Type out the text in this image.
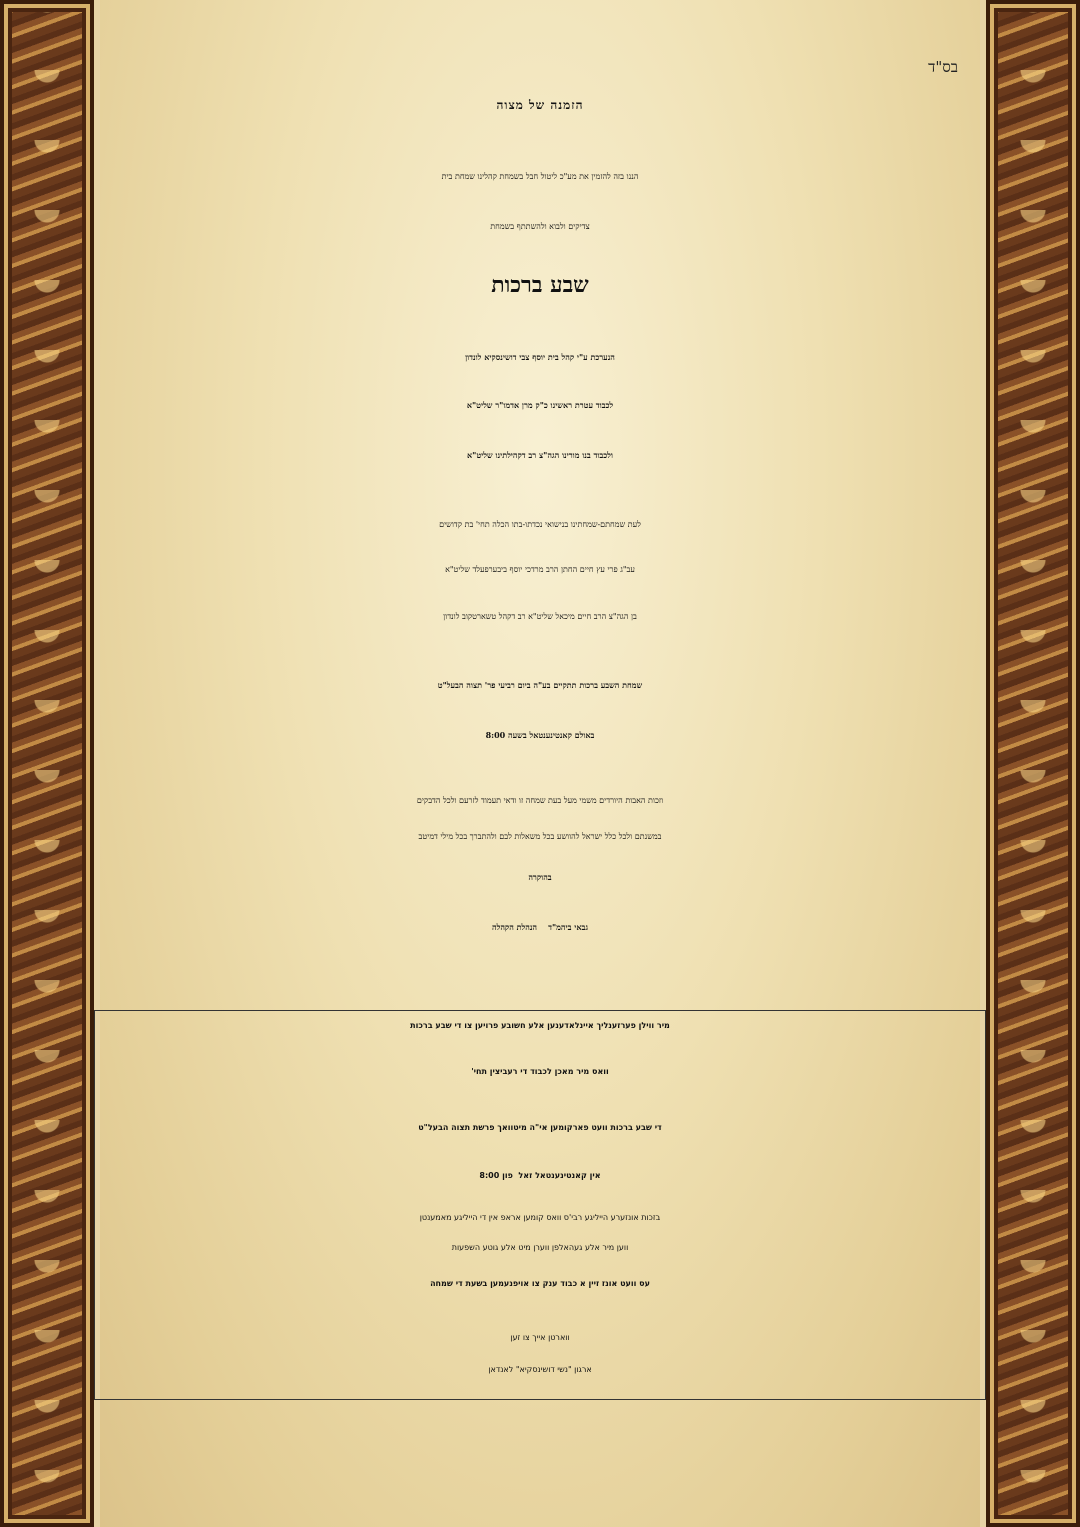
בס"ד
הזמנה של מצוה
הננו בזה להזמין את מע"כ ליטול חבל בשמחת קהלינו שמחת בית
צדיקים ולבוא ולהשתתף בשמחת
שבע ברכות
הנערכת ע"י קהל בית יוסף צבי דושינסקיא לונדון
לכבוד עטרת ראשינו כ"ק מרן אדמו"ר שליט"א
ולכבוד בנו מורינו הגה"צ רב דקהילתינו שליט"א
לעת שמחתם-שמחתינו בנישואי נכדתו-בתו הכלה תחי' בת קדושים
עב"ג פרי עץ חיים החתן הרב מרדכי יוסף ביבערפעלד שליט"א
בן הגה"צ הרב חיים מיכאל שליט"א רב דקהל טשארטקוב לונדון
שמחת השבע ברכות תתקיים בע"ה ביום רביעי פר' תצוה הבעל"ט
באולם קאנטינענטאל בשעה 8:00
וזכות האבות היורדים משמי מעל בעת שמחה זו ודאי תעמוד לזרעם ולכל הדבקים
במשנתם ולכל כלל ישראל להוושע בכל משאלות לבם ולהתברך בכל מילי דמיטב
בהוקרה
גבאי ביהמ"ד    הנהלת הקהלה
מיר ווילן פערזענליך איינלאדענען אלע חשובע פרויען צו די שבע ברכות
וואס מיר מאכן לכבוד די רעביצין תחי'
די שבע ברכות וועט פארקומען אי"ה מיטוואך פרשת תצוה הבעל"ט
אין קאנטינענטאל זאל  פון 8:00
בזכות אונזערע הייליגע רבי'ס וואס קומען אראפ אין די הייליגע מאמענטן
ווען מיר אלע געהאלפן ווערן מיט אלע גוטע השפעות
עס וועט אונז זיין א כבוד ענק צו אויפנעמען בשעת די שמחה
ווארטן אייך צו זען
ארגון "נשי דושינסקיא" לאנדאן
